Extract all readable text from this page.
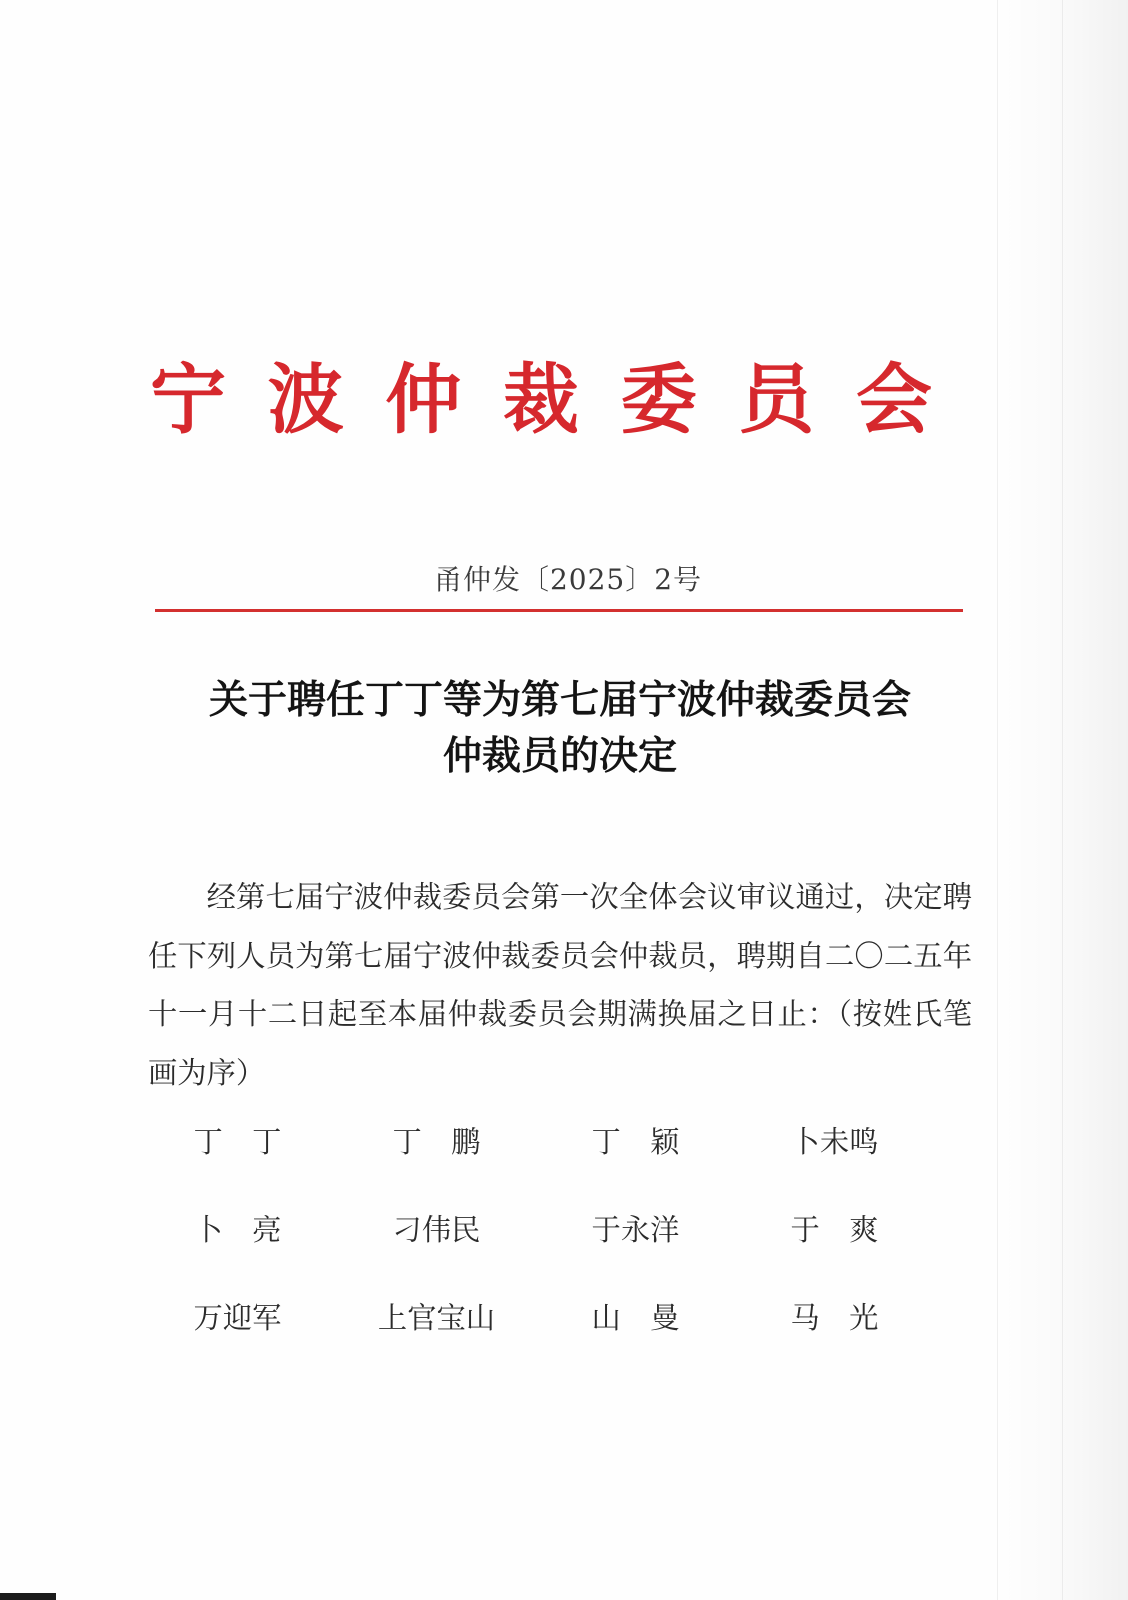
宁 波 仲 裁 委 员 会
甬仲发〔2025〕2号
关于聘任丁丁等为第七届宁波仲裁委员会
仲裁员的决定

经第七届宁波仲裁委员会第一次全体会议审议通过，决定聘任下列人员为第七届宁波仲裁委员会仲裁员，聘期自二〇二五年十一月十二日起至本届仲裁委员会期满换届之日止：（按姓氏笔画为序）

丁 丁	丁 鹏	丁 颖	卜 未 鸣
卜 亮	刁 伟 民	于 永 洋	于 爽
万 迎 军	上 官 宝 山	山 曼	马 光
